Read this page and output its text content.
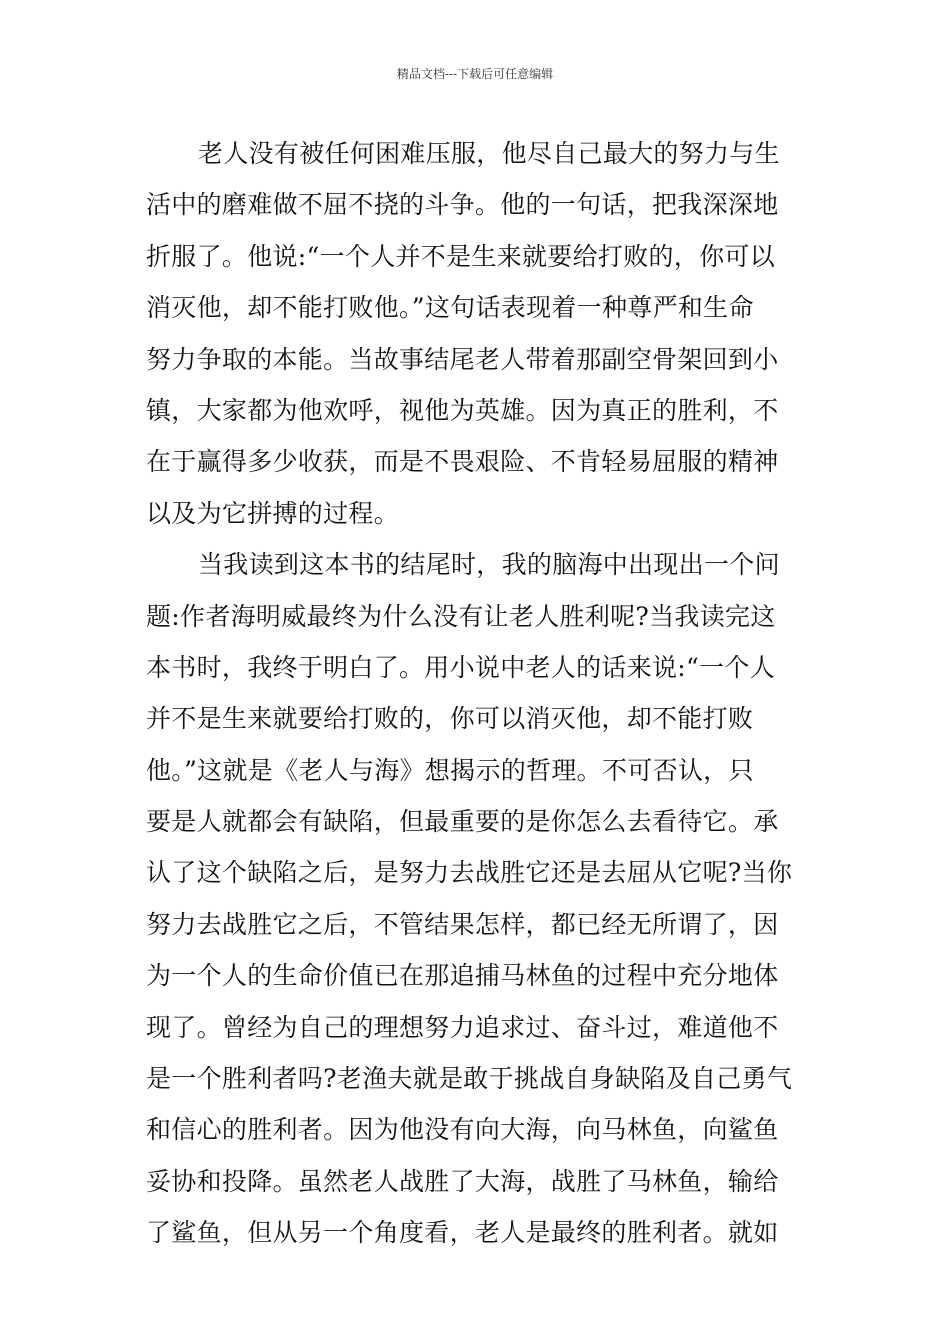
精品文档---下载后可任意编辑
老人没有被任何困难压服，他尽自己最大的努力与生
活中的磨难做不屈不挠的斗争。他的一句话，把我深深地
折服了。他说:“一个人并不是生来就要给打败的，你可以
消灭他，却不能打败他。”这句话表现着一种尊严和生命
努力争取的本能。当故事结尾老人带着那副空骨架回到小
镇，大家都为他欢呼，视他为英雄。因为真正的胜利，不
在于赢得多少收获，而是不畏艰险、不肯轻易屈服的精神
以及为它拼搏的过程。
当我读到这本书的结尾时，我的脑海中出现出一个问
题:作者海明威最终为什么没有让老人胜利呢?当我读完这
本书时，我终于明白了。用小说中老人的话来说:“一个人
并不是生来就要给打败的，你可以消灭他，却不能打败
他。”这就是《老人与海》想揭示的哲理。不可否认，只
要是人就都会有缺陷，但最重要的是你怎么去看待它。承
认了这个缺陷之后，是努力去战胜它还是去屈从它呢?当你
努力去战胜它之后，不管结果怎样，都已经无所谓了，因
为一个人的生命价值已在那追捕马林鱼的过程中充分地体
现了。曾经为自己的理想努力追求过、奋斗过，难道他不
是一个胜利者吗?老渔夫就是敢于挑战自身缺陷及自己勇气
和信心的胜利者。因为他没有向大海，向马林鱼，向鲨鱼
妥协和投降。虽然老人战胜了大海，战胜了马林鱼，输给
了鲨鱼，但从另一个角度看，老人是最终的胜利者。就如
